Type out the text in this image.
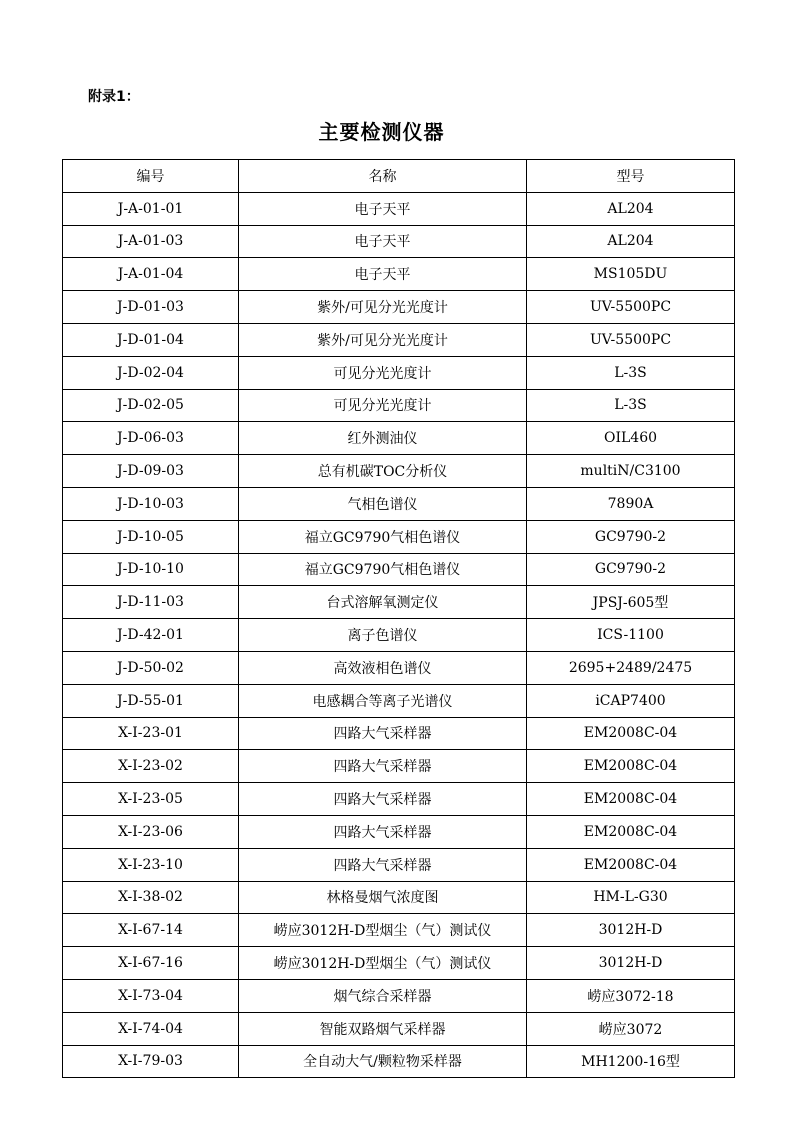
附录1：
主要检测仪器
编号	名称	型号
J-A-01-01	电子天平	AL204
J-A-01-03	电子天平	AL204
J-A-01-04	电子天平	MS105DU
J-D-01-03	紫外/可见分光光度计	UV-5500PC
J-D-01-04	紫外/可见分光光度计	UV-5500PC
J-D-02-04	可见分光光度计	L-3S
J-D-02-05	可见分光光度计	L-3S
J-D-06-03	红外测油仪	OIL460
J-D-09-03	总有机碳TOC分析仪	multiN/C3100
J-D-10-03	气相色谱仪	7890A
J-D-10-05	福立GC9790气相色谱仪	GC9790-2
J-D-10-10	福立GC9790气相色谱仪	GC9790-2
J-D-11-03	台式溶解氧测定仪	JPSJ-605型
J-D-42-01	离子色谱仪	ICS-1100
J-D-50-02	高效液相色谱仪	2695+2489/2475
J-D-55-01	电感耦合等离子光谱仪	iCAP7400
X-I-23-01	四路大气采样器	EM2008C-04
X-I-23-02	四路大气采样器	EM2008C-04
X-I-23-05	四路大气采样器	EM2008C-04
X-I-23-06	四路大气采样器	EM2008C-04
X-I-23-10	四路大气采样器	EM2008C-04
X-I-38-02	林格曼烟气浓度图	HM-L-G30
X-I-67-14	崂应3012H-D型烟尘（气）测试仪	3012H-D
X-I-67-16	崂应3012H-D型烟尘（气）测试仪	3012H-D
X-I-73-04	烟气综合采样器	崂应3072-18
X-I-74-04	智能双路烟气采样器	崂应3072
X-I-79-03	全自动大气/颗粒物采样器	MH1200-16型
